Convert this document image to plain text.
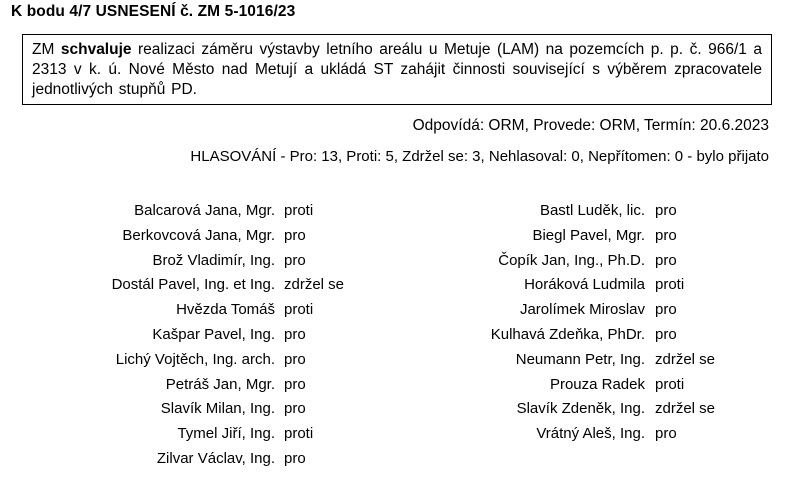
K bodu 4/7 USNESENÍ č. ZM 5-1016/23
ZM schvaluje realizaci záměru výstavby letního areálu u Metuje (LAM) na pozemcích p. p. č. 966/1 a 2313 v k. ú. Nové Město nad Metují a ukládá ST zahájit činnosti související s výběrem zpracovatele jednotlivých stupňů PD.
Odpovídá: ORM, Provede: ORM, Termín: 20.6.2023
HLASOVÁNÍ - Pro: 13, Proti: 5, Zdržel se: 3, Nehlasoval: 0, Nepřítomen: 0 - bylo přijato
Balcarová Jana, Mgr. proti
Berkovcová Jana, Mgr. pro
Brož Vladimír, Ing. pro
Dostál Pavel, Ing. et Ing. zdržel se
Hvězda Tomáš proti
Kašpar Pavel, Ing. pro
Lichý Vojtěch, Ing. arch. pro
Petráš Jan, Mgr. pro
Slavík Milan, Ing. pro
Tymel Jiří, Ing. proti
Zilvar Václav, Ing. pro
Bastl Luděk, lic. pro
Biegl Pavel, Mgr. pro
Čopík Jan, Ing., Ph.D. pro
Horáková Ludmila proti
Jarolímek Miroslav pro
Kulhavá Zdeňka, PhDr. pro
Neumann Petr, Ing. zdržel se
Prouza Radek proti
Slavík Zdeněk, Ing. zdržel se
Vrátný Aleš, Ing. pro
